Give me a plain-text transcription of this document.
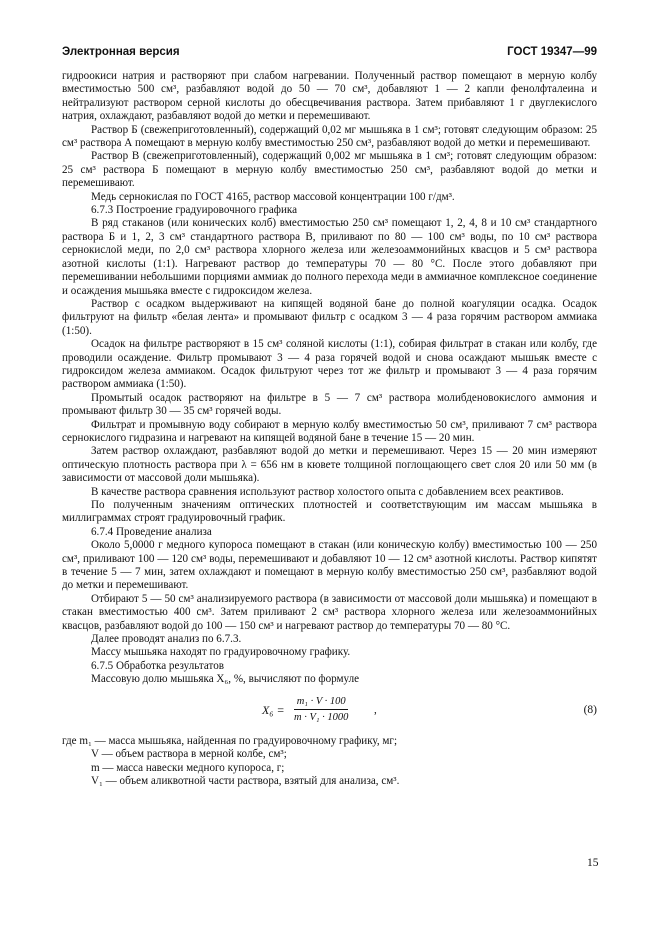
Электронная версия	ГОСТ 19347—99

гидроокиси натрия и растворяют при слабом нагревании. Полученный раствор помещают в мерную колбу вместимостью 500 см³, разбавляют водой до 50 — 70 см³, добавляют 1 — 2 капли фенолфталеина и нейтрализуют раствором серной кислоты до обесцвечивания раствора. Затем прибавляют 1 г двуглекислого натрия, охлаждают, разбавляют водой до метки и перемешивают.

Раствор Б (свежеприготовленный), содержащий 0,02 мг мышьяка в 1 см³; готовят следующим образом: 25 см³ раствора А помещают в мерную колбу вместимостью 250 см³, разбавляют водой до метки и перемешивают.

Раствор В (свежеприготовленный), содержащий 0,002 мг мышьяка в 1 см³; готовят следующим образом: 25 см³ раствора Б помещают в мерную колбу вместимостью 250 см³, разбавляют водой до метки и перемешивают.

Медь сернокислая по ГОСТ 4165, раствор массовой концентрации 100 г/дм³.

6.7.3 Построение градуировочного графика

В ряд стаканов (или конических колб) вместимостью 250 см³ помещают 1, 2, 4, 8 и 10 см³ стандартного раствора Б и 1, 2, 3 см³ стандартного раствора В, приливают по 80 — 100 см³ воды, по 10 см³ раствора сернокислой меди, по 2,0 см³ раствора хлорного железа или железоаммонийных квасцов и 5 см³ раствора азотной кислоты (1:1). Нагревают раствор до температуры 70 — 80 °С. После этого добавляют при перемешивании небольшими порциями аммиак до полного перехода меди в аммиачное комплексное соединение и осаждения мышьяка вместе с гидроксидом железа.

Раствор с осадком выдерживают на кипящей водяной бане до полной коагуляции осадка. Осадок фильтруют на фильтр «белая лента» и промывают фильтр с осадком 3 — 4 раза горячим раствором аммиака (1:50).

Осадок на фильтре растворяют в 15 см³ соляной кислоты (1:1), собирая фильтрат в стакан или колбу, где проводили осаждение. Фильтр промывают 3 — 4 раза горячей водой и снова осаждают мышьяк вместе с гидроксидом железа аммиаком. Осадок фильтруют через тот же фильтр и промывают 3 — 4 раза горячим раствором аммиака (1:50).

Промытый осадок растворяют на фильтре в 5 — 7 см³ раствора молибденовокислого аммония и промывают фильтр 30 — 35 см³ горячей воды.

Фильтрат и промывную воду собирают в мерную колбу вместимостью 50 см³, приливают 7 см³ раствора сернокислого гидразина и нагревают на кипящей водяной бане в течение 15 — 20 мин.

Затем раствор охлаждают, разбавляют водой до метки и перемешивают. Через 15 — 20 мин измеряют оптическую плотность раствора при λ = 656 нм в кювете толщиной поглощающего свет слоя 20 или 50 мм (в зависимости от массовой доли мышьяка).

В качестве раствора сравнения используют раствор холостого опыта с добавлением всех реактивов.

По полученным значениям оптических плотностей и соответствующим им массам мышьяка в миллиграммах строят градуировочный график.

6.7.4 Проведение анализа

Около 5,0000 г медного купороса помещают в стакан (или коническую колбу) вместимостью 100 — 250 см³, приливают 100 — 120 см³ воды, перемешивают и добавляют 10 — 12 см³ азотной кислоты. Раствор кипятят в течение 5 — 7 мин, затем охлаждают и помещают в мерную колбу вместимостью 250 см³, разбавляют водой до метки и перемешивают.

Отбирают 5 — 50 см³ анализируемого раствора (в зависимости от массовой доли мышьяка) и помещают в стакан вместимостью 400 см³. Затем приливают 2 см³ раствора хлорного железа или железоаммонийных квасцов, разбавляют водой до 100 — 150 см³ и нагревают раствор до температуры 70 — 80 °С.

Далее проводят анализ по 6.7.3.

Массу мышьяка находят по градуировочному графику.

6.7.5 Обработка результатов

Массовую долю мышьяка X₆, %, вычисляют по формуле

$X_6 = \frac{\text{m₁ · V · 100}}{\text{m · V₁ · 1000}}$ ,	(8)
где m₁ — масса мышьяка, найденная по градуировочному графику, мг;
V — объем раствора в мерной колбе, см³;
m — масса навески медного купороса, г;
V₁ — объем аликвотной части раствора, взятый для анализа, см³.
15
